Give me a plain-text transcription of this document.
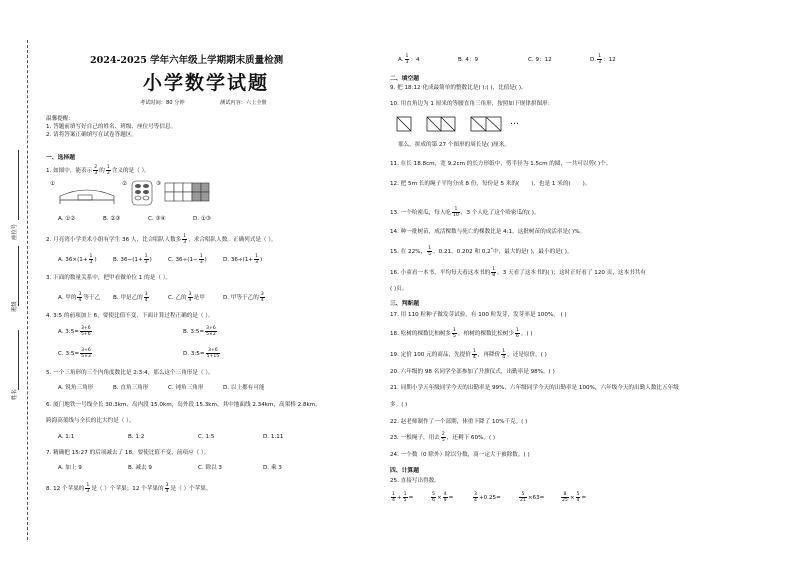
座位号
班级
姓名
2024-2025 学年六年级上学期期末质量检测
小学数学试题
考试时间：80 分钟	测试内容：六上全册
温馨提醒：
1. 答题前填写好自己的姓名、班级、座位号等信息。
2. 请将答案正确填写在试卷答题区。
一、选择题
1. 如图中，能表示 $\frac{2}{3}$ 的 $\frac{1}{2}$ 含义的是（ ）。
①	②	③
A. ①②	B. ②③	C. ③④	D. ①③
2. 月亮湾小学美术小组有学生 36 人，比合唱队人数多 $\frac{1}{3}$ ，求合唱队人数。正确列式是（ ）。
A. $36\times(1+ \frac{1}{3}$ )	B. $36-(1+ \frac{1}{3}$ )	C. $36\div(1- \frac{1}{3}$ )	D. $36\div(1+ \frac{1}{3}$ )
3. 下面的数量关系中，把甲看做单位 1 的是（ ）。
A. 甲的 $\frac{3}{4}$ 等于乙 B. 甲是乙的 $\frac{3}{4}$	C. 乙的 $\frac{3}{4}$ 是甲	D. 甲等于乙的 $\frac{3}{4}$
4. 3:5 的前项加上 6，要使比值不变，下面计算过程正确的是（ ）。
A. 3:5= $\frac{3+6}{5+6}$	B. 3:5= $\frac{3+6}{5\times 2}$
C. 3:5= $\frac{3+6}{5\times 3}$	D. 3:5= $\frac{3+6}{5+15}$
5. 一个三角形的三个内角度数比是 2:3:4，那么这个三角形是（ ）。
A. 锐角三角形	B. 直角三角形	C. 钝角三角形	D. 以上都有可能
6. 厦门地铁一号线全长 30.3km，岛内段 15.0km，岛外段 15.3km。其中地面线 2.34km，高架桥 2.8km。
跨海高架线与全长的比大约是（ ）。
A. 1:1	B. 1:2	C. 1:5	D. 1:11
7. 精确把 15:27 的后项减去了 18，要使比值不变，前项应（ ）。
A. 加上 9	B. 减去 9	C. 除以 3	D. 乘 3
8. 12 个苹果的 $\frac{1}{3}$ 是（ ）个苹果；12 个苹果的 $\frac{3}{4}$ 是（ ）个苹果。
A. $\frac{1}{3}$ ：4	B. 4：9	C. 9：12	D. $\frac{1}{3}$ ：12
二、填空题
9. 把 18:12 化成最简单的整数比是( ):( )，比值是( )。
10. 用直角边为 1 厘米的等腰直角三角形，按照如下规律拼图形：
…
那么，拼成的第 27 个图形的周长是( )厘米。
11. 在长 18.8cm，宽 9.2cm 的长方形纸中，剪半径为 1.5cm 的圆，一共可以剪( )个。
12. 把 5m 长的绳子平均分成 8 份，每份是 5 米的( )，也是 1 米的( )。
13. 一个哈密瓜，每人吃 $\frac{1}{10}$ ，3 个人吃了这个哈密瓜的( )。
14. 种一批树苗，成活棵数与死亡的棵数比是 4:1，这批树苗的成活率是( )%。
15. 在 22%、 $\frac{1}{5}$ 、0.21、0.202 和 0.2•中，最大的是( )，最小的是( )。
16. 小童看一本书，平均每天看这本书的 $\frac{1}{8}$ ，3 天看了这本书的( )；这时正好看了 120 页，这本书共有
( )页。
三、判断题
17. 用 110 粒种子做发芽试验，有 100 粒发芽，发芽率是 100%。 ( )
18. 松树的棵数比柏树多 $\frac{1}{5}$ ，柏树的棵数比松树少 $\frac{1}{6}$ 。( )
19. 定价 100 元的商品，先提价 $\frac{1}{4}$ ，再降价 $\frac{1}{4}$ ，还是原价。( )
20. 六年级的 98 名同学全部参加了升旗仪式，出勤率是 98%。( )
21. 同期小学五年级同学今天的出勤率是 99%，六年级同学今天的出勤率是 100%，六年级今天的出勤人数比五年级
多。( )
22. 赵老师制作了一个部期，体重下降了 10%千克。( )
23. 一根绳子，用去 $\frac{2}{5}$ ，还剩下 60%。( )
24. 一个数（0 除外）除以分数，商一定大于被除数。( )
四、计算题
25. 直接写出得数。
$\frac{1}{4} + \frac{1}{5}$ =	$\frac{5}{6} \times \frac{4}{9}$ =	$\frac{3}{4} +0.25=$	$\frac{5}{21} \times 63=$	$\frac{8}{25} \times \frac{5}{4}$ =
